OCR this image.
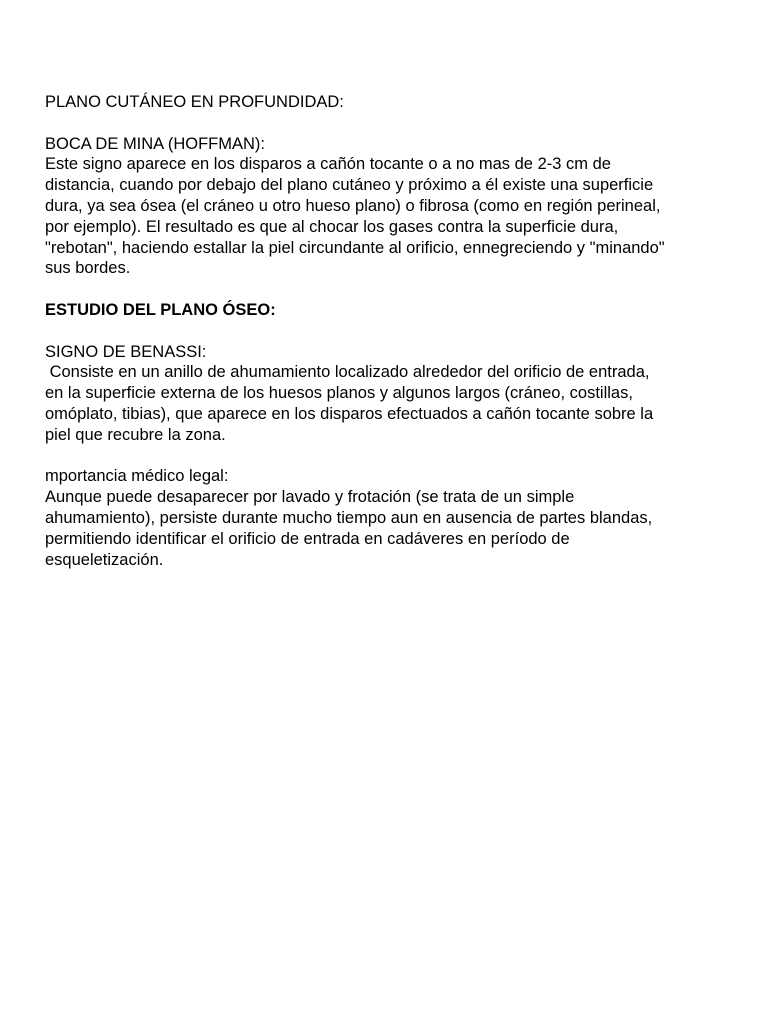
PLANO CUTÁNEO EN PROFUNDIDAD:

BOCA DE MINA (HOFFMAN):

Este signo aparece en los disparos a cañón tocante o a no mas de 2-3 cm de
distancia, cuando por debajo del plano cutáneo y próximo a él existe una superficie
dura, ya sea ósea (el cráneo u otro hueso plano) o fibrosa (como en región perineal,
por ejemplo). El resultado es que al chocar los gases contra la superficie dura,
"rebotan", haciendo estallar la piel circundante al orificio, ennegreciendo y "minando"
sus bordes.

ESTUDIO DEL PLANO ÓSEO:

SIGNO DE BENASSI:

Consiste en un anillo de ahumamiento localizado alrededor del orificio de entrada,
en la superficie externa de los huesos planos y algunos largos (cráneo, costillas,
omóplato, tibias), que aparece en los disparos efectuados a cañón tocante sobre la
piel que recubre la zona.

mportancia médico legal:

Aunque puede desaparecer por lavado y frotación (se trata de un simple
ahumamiento), persiste durante mucho tiempo aun en ausencia de partes blandas,
permitiendo identificar el orificio de entrada en cadáveres en período de
esqueletización.
